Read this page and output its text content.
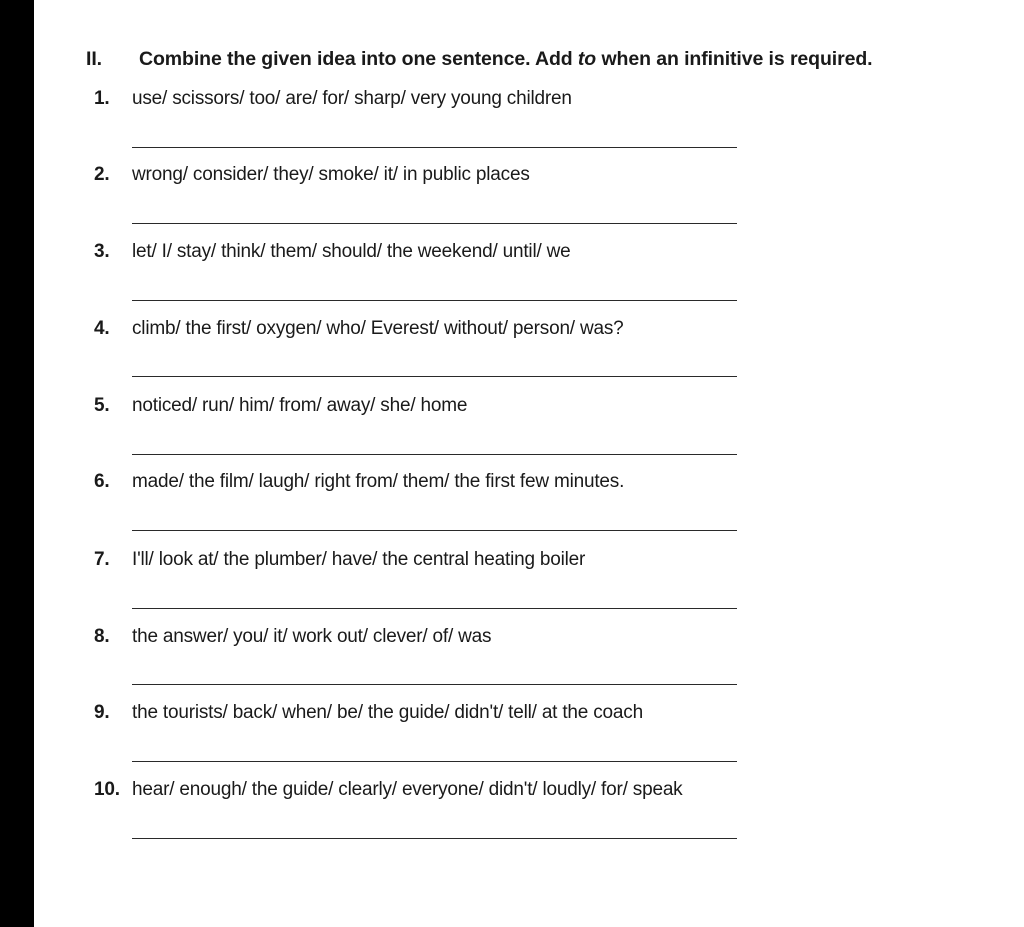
II. Combine the given idea into one sentence. Add to when an infinitive is required.
1. use/ scissors/ too/ are/ for/ sharp/ very young children
2. wrong/ consider/ they/ smoke/ it/ in public places
3. let/ I/ stay/ think/ them/ should/ the weekend/ until/ we
4. climb/ the first/ oxygen/ who/ Everest/ without/ person/ was?
5. noticed/ run/ him/ from/ away/ she/ home
6. made/ the film/ laugh/ right from/ them/ the first few minutes.
7. I'll/ look at/ the plumber/ have/ the central heating boiler
8. the answer/ you/ it/ work out/ clever/ of/ was
9. the tourists/ back/ when/ be/ the guide/ didn't/ tell/ at the coach
10. hear/ enough/ the guide/ clearly/ everyone/ didn't/ loudly/ for/ speak
